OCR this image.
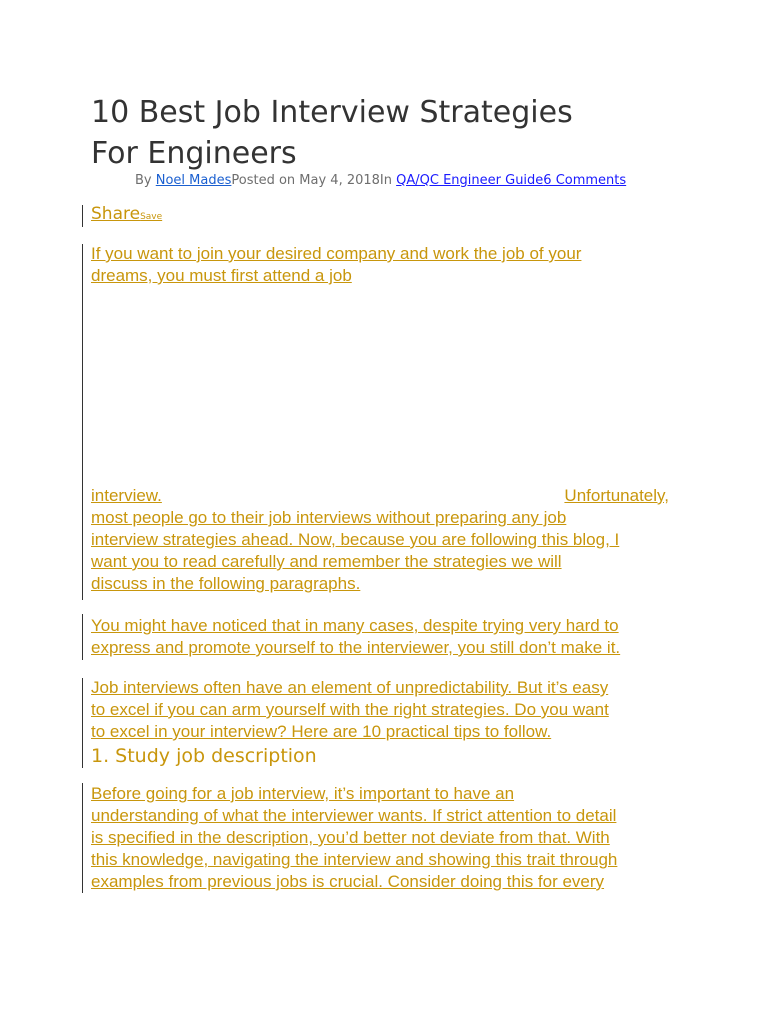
10 Best Job Interview Strategies
For Engineers
By Noel MadesPosted on May 4, 2018In QA/QC Engineer Guide6 Comments
ShareSave
If you want to join your desired company and work the job of your
dreams, you must first attend a job
interview.	Unfortunately,
most people go to their job interviews without preparing any job
interview strategies ahead. Now, because you are following this blog, I
want you to read carefully and remember the strategies we will
discuss in the following paragraphs.
You might have noticed that in many cases, despite trying very hard to
express and promote yourself to the interviewer, you still don’t make it.
Job interviews often have an element of unpredictability. But it’s easy
to excel if you can arm yourself with the right strategies. Do you want
to excel in your interview? Here are 10 practical tips to follow.
1. Study job description
Before going for a job interview, it’s important to have an
understanding of what the interviewer wants. If strict attention to detail
is specified in the description, you’d better not deviate from that. With
this knowledge, navigating the interview and showing this trait through
examples from previous jobs is crucial. Consider doing this for every
